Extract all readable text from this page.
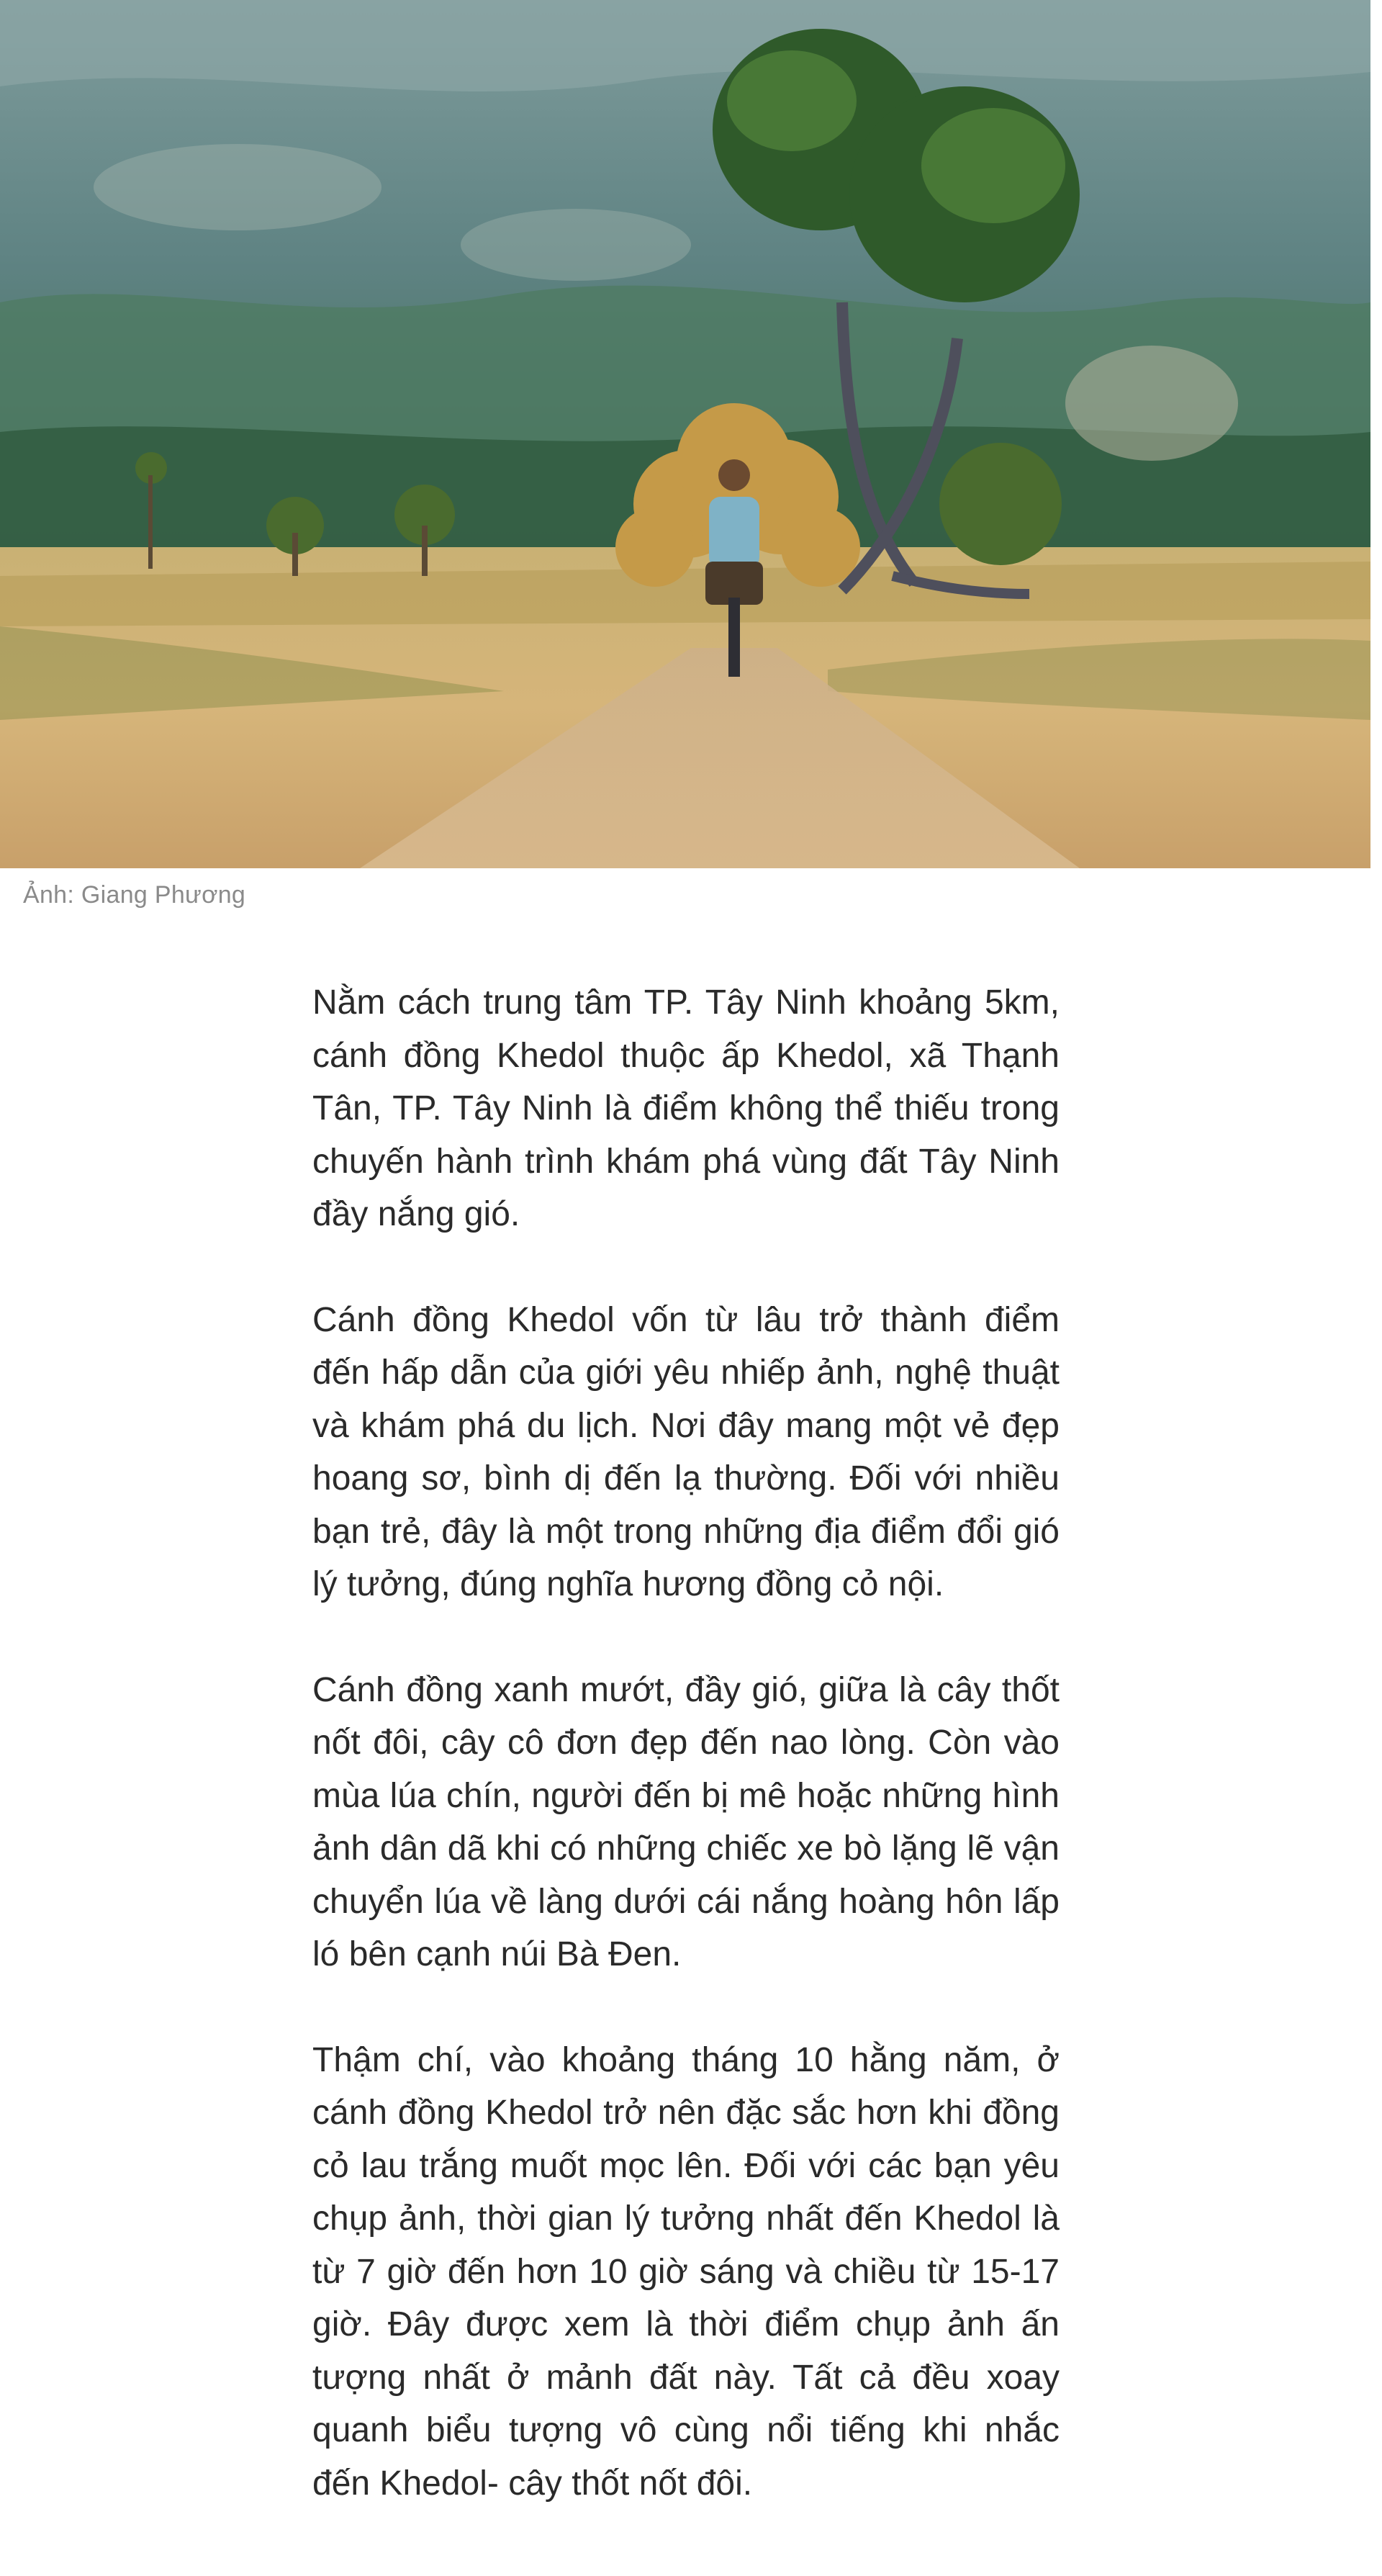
Ảnh: Giang Phương

Nằm cách trung tâm TP. Tây Ninh khoảng 5km, cánh đồng Khedol thuộc ấp Khedol, xã Thạnh Tân, TP. Tây Ninh là điểm không thể thiếu trong chuyến hành trình khám phá vùng đất Tây Ninh đầy nắng gió.

Cánh đồng Khedol vốn từ lâu trở thành điểm đến hấp dẫn của giới yêu nhiếp ảnh, nghệ thuật và khám phá du lịch. Nơi đây mang một vẻ đẹp hoang sơ, bình dị đến lạ thường. Đối với nhiều bạn trẻ, đây là một trong những địa điểm đổi gió lý tưởng, đúng nghĩa hương đồng cỏ nội.

Cánh đồng xanh mướt, đầy gió, giữa là cây thốt nốt đôi, cây cô đơn đẹp đến nao lòng. Còn vào mùa lúa chín, người đến bị mê hoặc những hình ảnh dân dã khi có những chiếc xe bò lặng lẽ vận chuyển lúa về làng dưới cái nắng hoàng hôn lấp ló bên cạnh núi Bà Đen.

Thậm chí, vào khoảng tháng 10 hằng năm, ở cánh đồng Khedol trở nên đặc sắc hơn khi đồng cỏ lau trắng muốt mọc lên. Đối với các bạn yêu chụp ảnh, thời gian lý tưởng nhất đến Khedol là từ 7 giờ đến hơn 10 giờ sáng và chiều từ 15-17 giờ. Đây được xem là thời điểm chụp ảnh ấn tượng nhất ở mảnh đất này. Tất cả đều xoay quanh biểu tượng vô cùng nổi tiếng khi nhắc đến Khedol- cây thốt nốt đôi.
